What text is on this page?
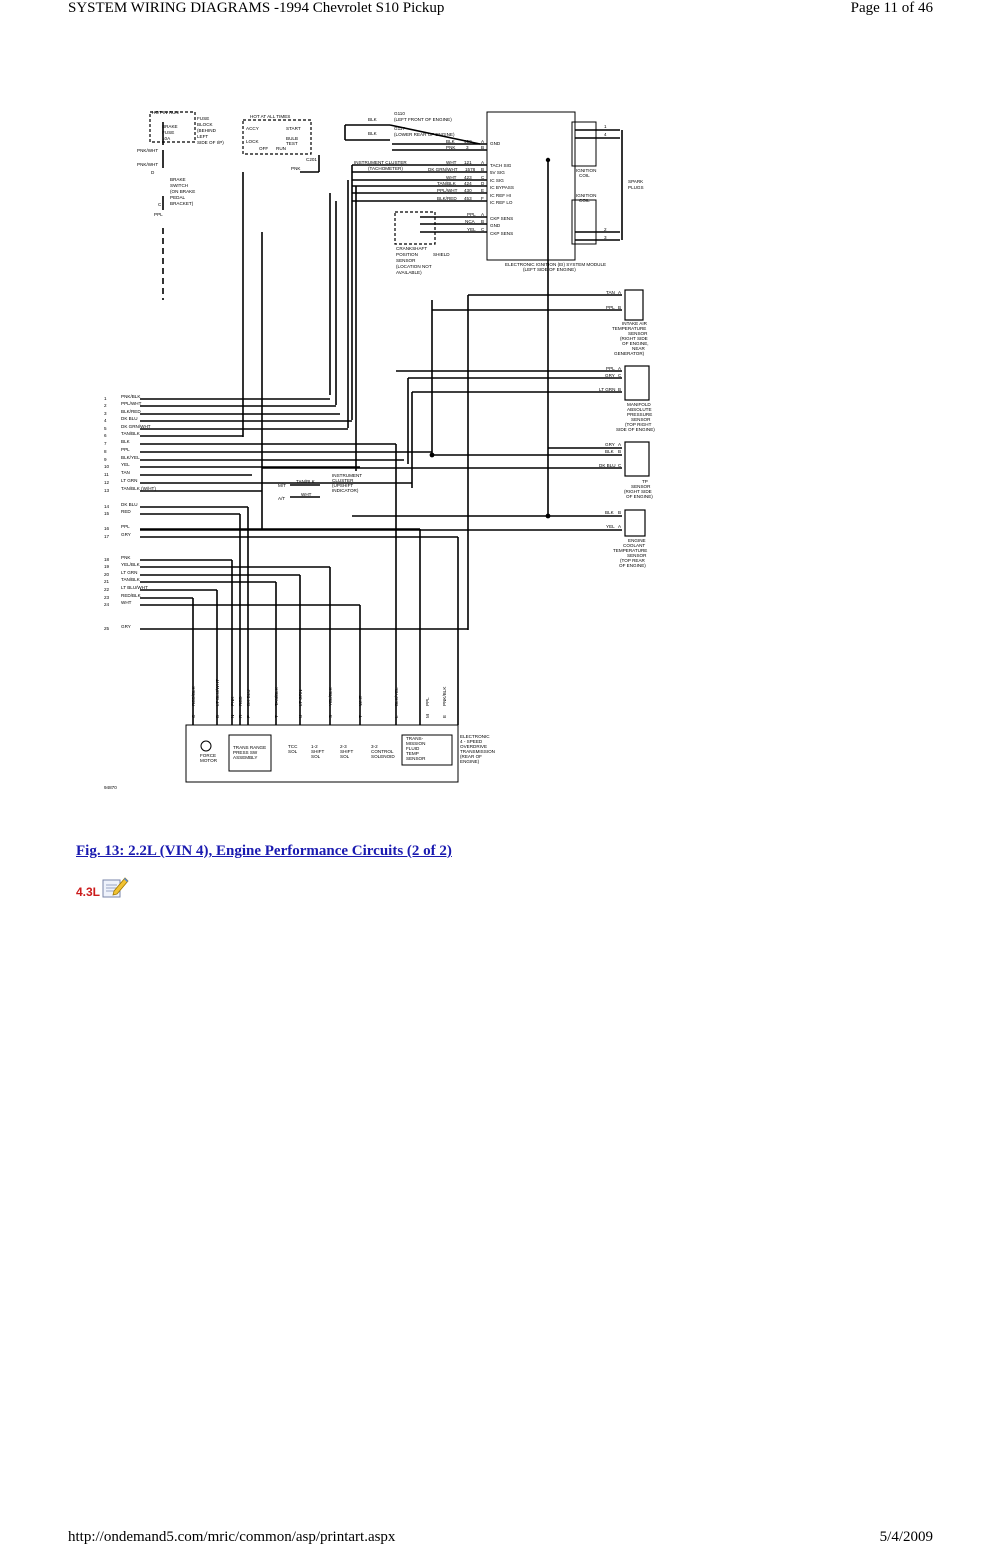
SYSTEM WIRING DIAGRAMS -1994 Chevrolet S10 Pickup	Page 11 of 46
HOT IN RUN
FUSE
BLOCK
(BEHIND
LEFT
SIDE OF I/P)
BRAKE
FUSE
10A
BRAKE
SWITCH
(ON BRAKE
PEDAL
BRACKET)
PNK/WHT
PNK/WHT
PPL
D
C
HOT AT ALL TIMES
ACCY	START
LOCK
BULB
TEST
OFF RUN
PNK
C201
BLK
G110
(LEFT FRONT OF ENGINE)
BLK
G117
(LOWER REAR OF ENGINE)
INSTRUMENT CLUSTER
(TACHOMETER)
BLK 450 A
PNK 3	B
WHT 121 A
DK GRN/WHT 1578 B
WHT 423 C
TAN/BLK 424 D
PPL/WHT 430 E
BLK/RED 453 F
GND
TACH SIG
5V SIG
IC SIG
IC BYPASS
IC REF HI
IC REF LO
CKP SENS
GND
CKP SENS
PPL A
NCA B
YEL C
CRANKSHAFT
POSITION
SENSOR
(LOCATION NOT
AVAILABLE)
SHIELD
ELECTRONIC IGNITION (EI) SYSTEM MODULE
(LEFT SIDE OF ENGINE)
IGNITION
COIL
IGNITION
COIL
SPARK
PLUGS
1
4
2
3
TAN A
PPL B
INTAKE AIR
TEMPERATURE
SENSOR
(RIGHT SIDE
OF ENGINE,
NEAR
GENERATOR)
PPL A
GRY C
LT GRN B
MANIFOLD
ABSOLUTE
PRESSURE
SENSOR
(TOP RIGHT
SIDE OF ENGINE)
GRY A
BLK B
DK BLU C
TP
SENSOR
(RIGHT SIDE
OF ENGINE)
BLK B
YEL A
ENGINE
COOLANT
TEMPERATURE
SENSOR
(TOP REAR
OF ENGINE)
1	PNK/BLK
2	PPL/WHT
3	BLK/RED
4	DK BLU
5	DK GRN/WHT
6	TAN/BLK
7	BLK
8	PPL
9	BLK/YEL
10	YEL
11	TAN
12	LT GRN
13	TAN/BLK (W/HT)
14	DK BLU
15	RED
16	PPL
17	GRY
18	PNK
19	YEL/BLK
20	LT GRN
21	TAN/BLK
22	LT BLU/WHT
23	RED/BLK
24	WHT
25	GRY
INSTRUMENT
CLUSTER
(UPSHIFT
INDICATOR)
TAN/BLK
WHT
M/T
A/T
RED/BLK
C
LT BLU/WHT
D
PNK
N
RED
R
DK BLU
P
TAN/BLK
T
LT GRN
U
YEL/BLK
S
WHT
T
BLK/YEL
L
PPL
M
PNK/BLK
E
FORCE
MOTOR
TRANS RANGE
PRESS SW
ASSEMBLY
TCC
SOL
1-2
SHIFT
SOL
2-3
SHIFT
SOL
3-2
CONTROL
SOLENOID
TRANS-
MISSION
FLUID
TEMP
SENSOR
ELECTRONIC
4 - SPEED
OVERDRIVE
TRANSMISSION
(REAR OF
ENGINE)
94870
Fig. 13: 2.2L (VIN 4), Engine Performance Circuits (2 of 2)
4.3L
http://ondemand5.com/mric/common/asp/printart.aspx	5/4/2009
